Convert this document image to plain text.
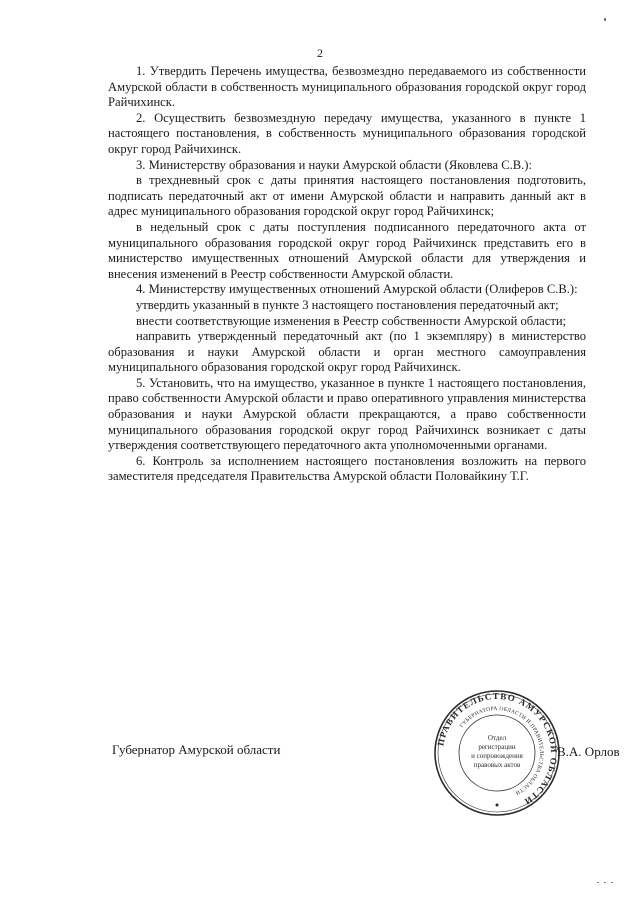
2

1. Утвердить Перечень имущества, безвозмездно передаваемого из собственности Амурской области в собственность муниципального образования городской округ город Райчихинск.

2. Осуществить безвозмездную передачу имущества, указанного в пункте 1 настоящего постановления, в собственность муниципального образования городской округ город Райчихинск.

3. Министерству образования и науки Амурской области (Яковлева С.В.):

в трехдневный срок с даты принятия настоящего постановления подготовить, подписать передаточный акт от имени Амурской области и направить данный акт в адрес муниципального образования городской округ город Райчихинск;

в недельный срок с даты поступления подписанного передаточного акта от муниципального образования городской округ город Райчихинск представить его в министерство имущественных отношений Амурской области для утверждения и внесения изменений в Реестр собственности Амурской области.

4. Министерству имущественных отношений Амурской области (Олиферов С.В.):

утвердить указанный в пункте 3 настоящего постановления передаточный акт;

внести соответствующие изменения в Реестр собственности Амурской области;

направить утвержденный передаточный акт (по 1 экземпляру) в министерство образования и науки Амурской области и орган местного самоуправления муниципального образования городской округ город Райчихинск.

5. Установить, что на имущество, указанное в пункте 1 настоящего постановления, право собственности Амурской области и право оперативного управления министерства образования и науки Амурской области прекращаются, а право собственности муниципального образования городской округ город Райчихинск возникает с даты утверждения соответствующего передаточного акта уполномоченными органами.

6. Контроль за исполнением настоящего постановления возложить на первого заместителя председателя Правительства Амурской области Половайкину Т.Г.

ПРАВИТЕЛЬСТВО АМУРСКОЙ ОБЛАСТИ
ГУБЕРНАТОРА ОБЛАСТИ И ПРАВИТЕЛЬСТВА ОБЛАСТИ
Отдел
регистрации
и сопровождения
правовых актов
Губернатор Амурской области	В.А. Орлов
